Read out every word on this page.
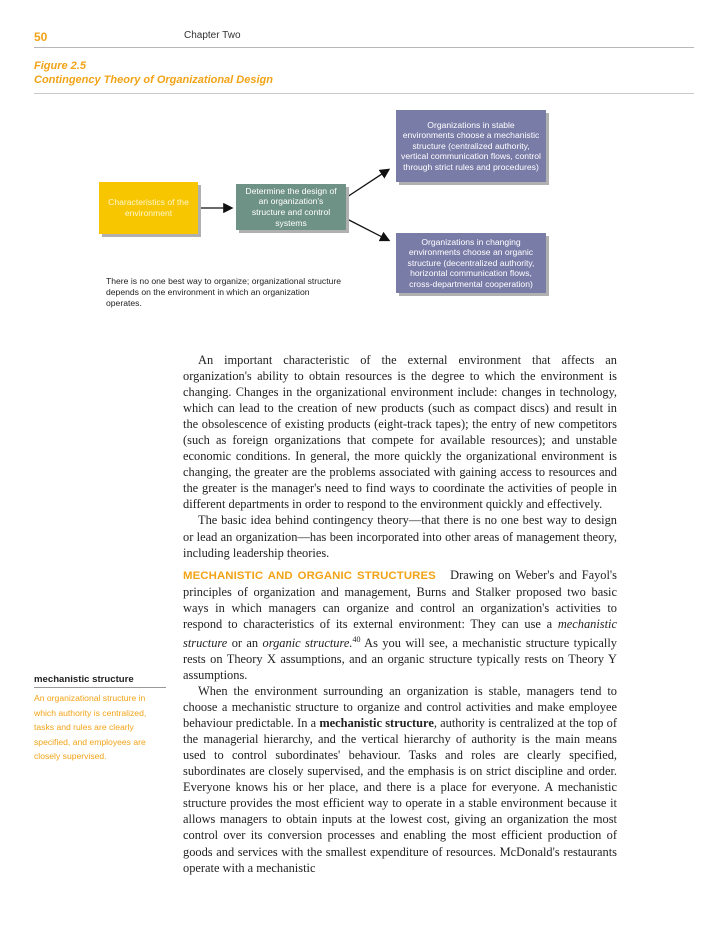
50	Chapter Two
Figure 2.5
Contingency Theory of Organizational Design
Characteristics of the environment
Determine the design of an organization's structure and control systems
Organizations in stable environments choose a mechanistic structure (centralized authority, vertical communication flows, control through strict rules and procedures)
Organizations in changing environments choose an organic structure (decentralized authority, horizontal communication flows, cross-departmental cooperation)
There is no one best way to organize; organizational structure depends on the environment in which an organization operates.

An important characteristic of the external environment that affects an organization's ability to obtain resources is the degree to which the environment is changing. Changes in the organizational environment include: changes in technology, which can lead to the creation of new products (such as compact discs) and result in the obsolescence of existing products (eight-track tapes); the entry of new competitors (such as foreign organizations that compete for available resources); and unstable economic conditions. In general, the more quickly the organizational environment is changing, the greater are the problems associated with gaining access to resources and the greater is the manager's need to find ways to coordinate the activities of people in different departments in order to respond to the environment quickly and effectively.

The basic idea behind contingency theory—that there is no one best way to design or lead an organization—has been incorporated into other areas of management theory, including leadership theories.

MECHANISTIC AND ORGANIC STRUCTURES Drawing on Weber's and Fayol's principles of organization and management, Burns and Stalker proposed two basic ways in which managers can organize and control an organization's activities to respond to characteristics of its external environment: They can use a mechanistic structure or an organic structure.$^{40}$ As you will see, a mechanistic structure typically rests on Theory X assumptions, and an organic structure typically rests on Theory Y assumptions.

When the environment surrounding an organization is stable, managers tend to choose a mechanistic structure to organize and control activities and make employee behaviour predictable. In a mechanistic structure, authority is centralized at the top of the managerial hierarchy, and the vertical hierarchy of authority is the main means used to control subordinates' behaviour. Tasks and roles are clearly specified, subordinates are closely supervised, and the emphasis is on strict discipline and order. Everyone knows his or her place, and there is a place for everyone. A mechanistic structure provides the most efficient way to operate in a stable environment because it allows managers to obtain inputs at the lowest cost, giving an organization the most control over its conversion processes and enabling the most efficient production of goods and services with the smallest expenditure of resources. McDonald's restaurants operate with a mechanistic

mechanistic structure
An organizational structure in which authority is centralized, tasks and rules are clearly specified, and employees are closely supervised.
